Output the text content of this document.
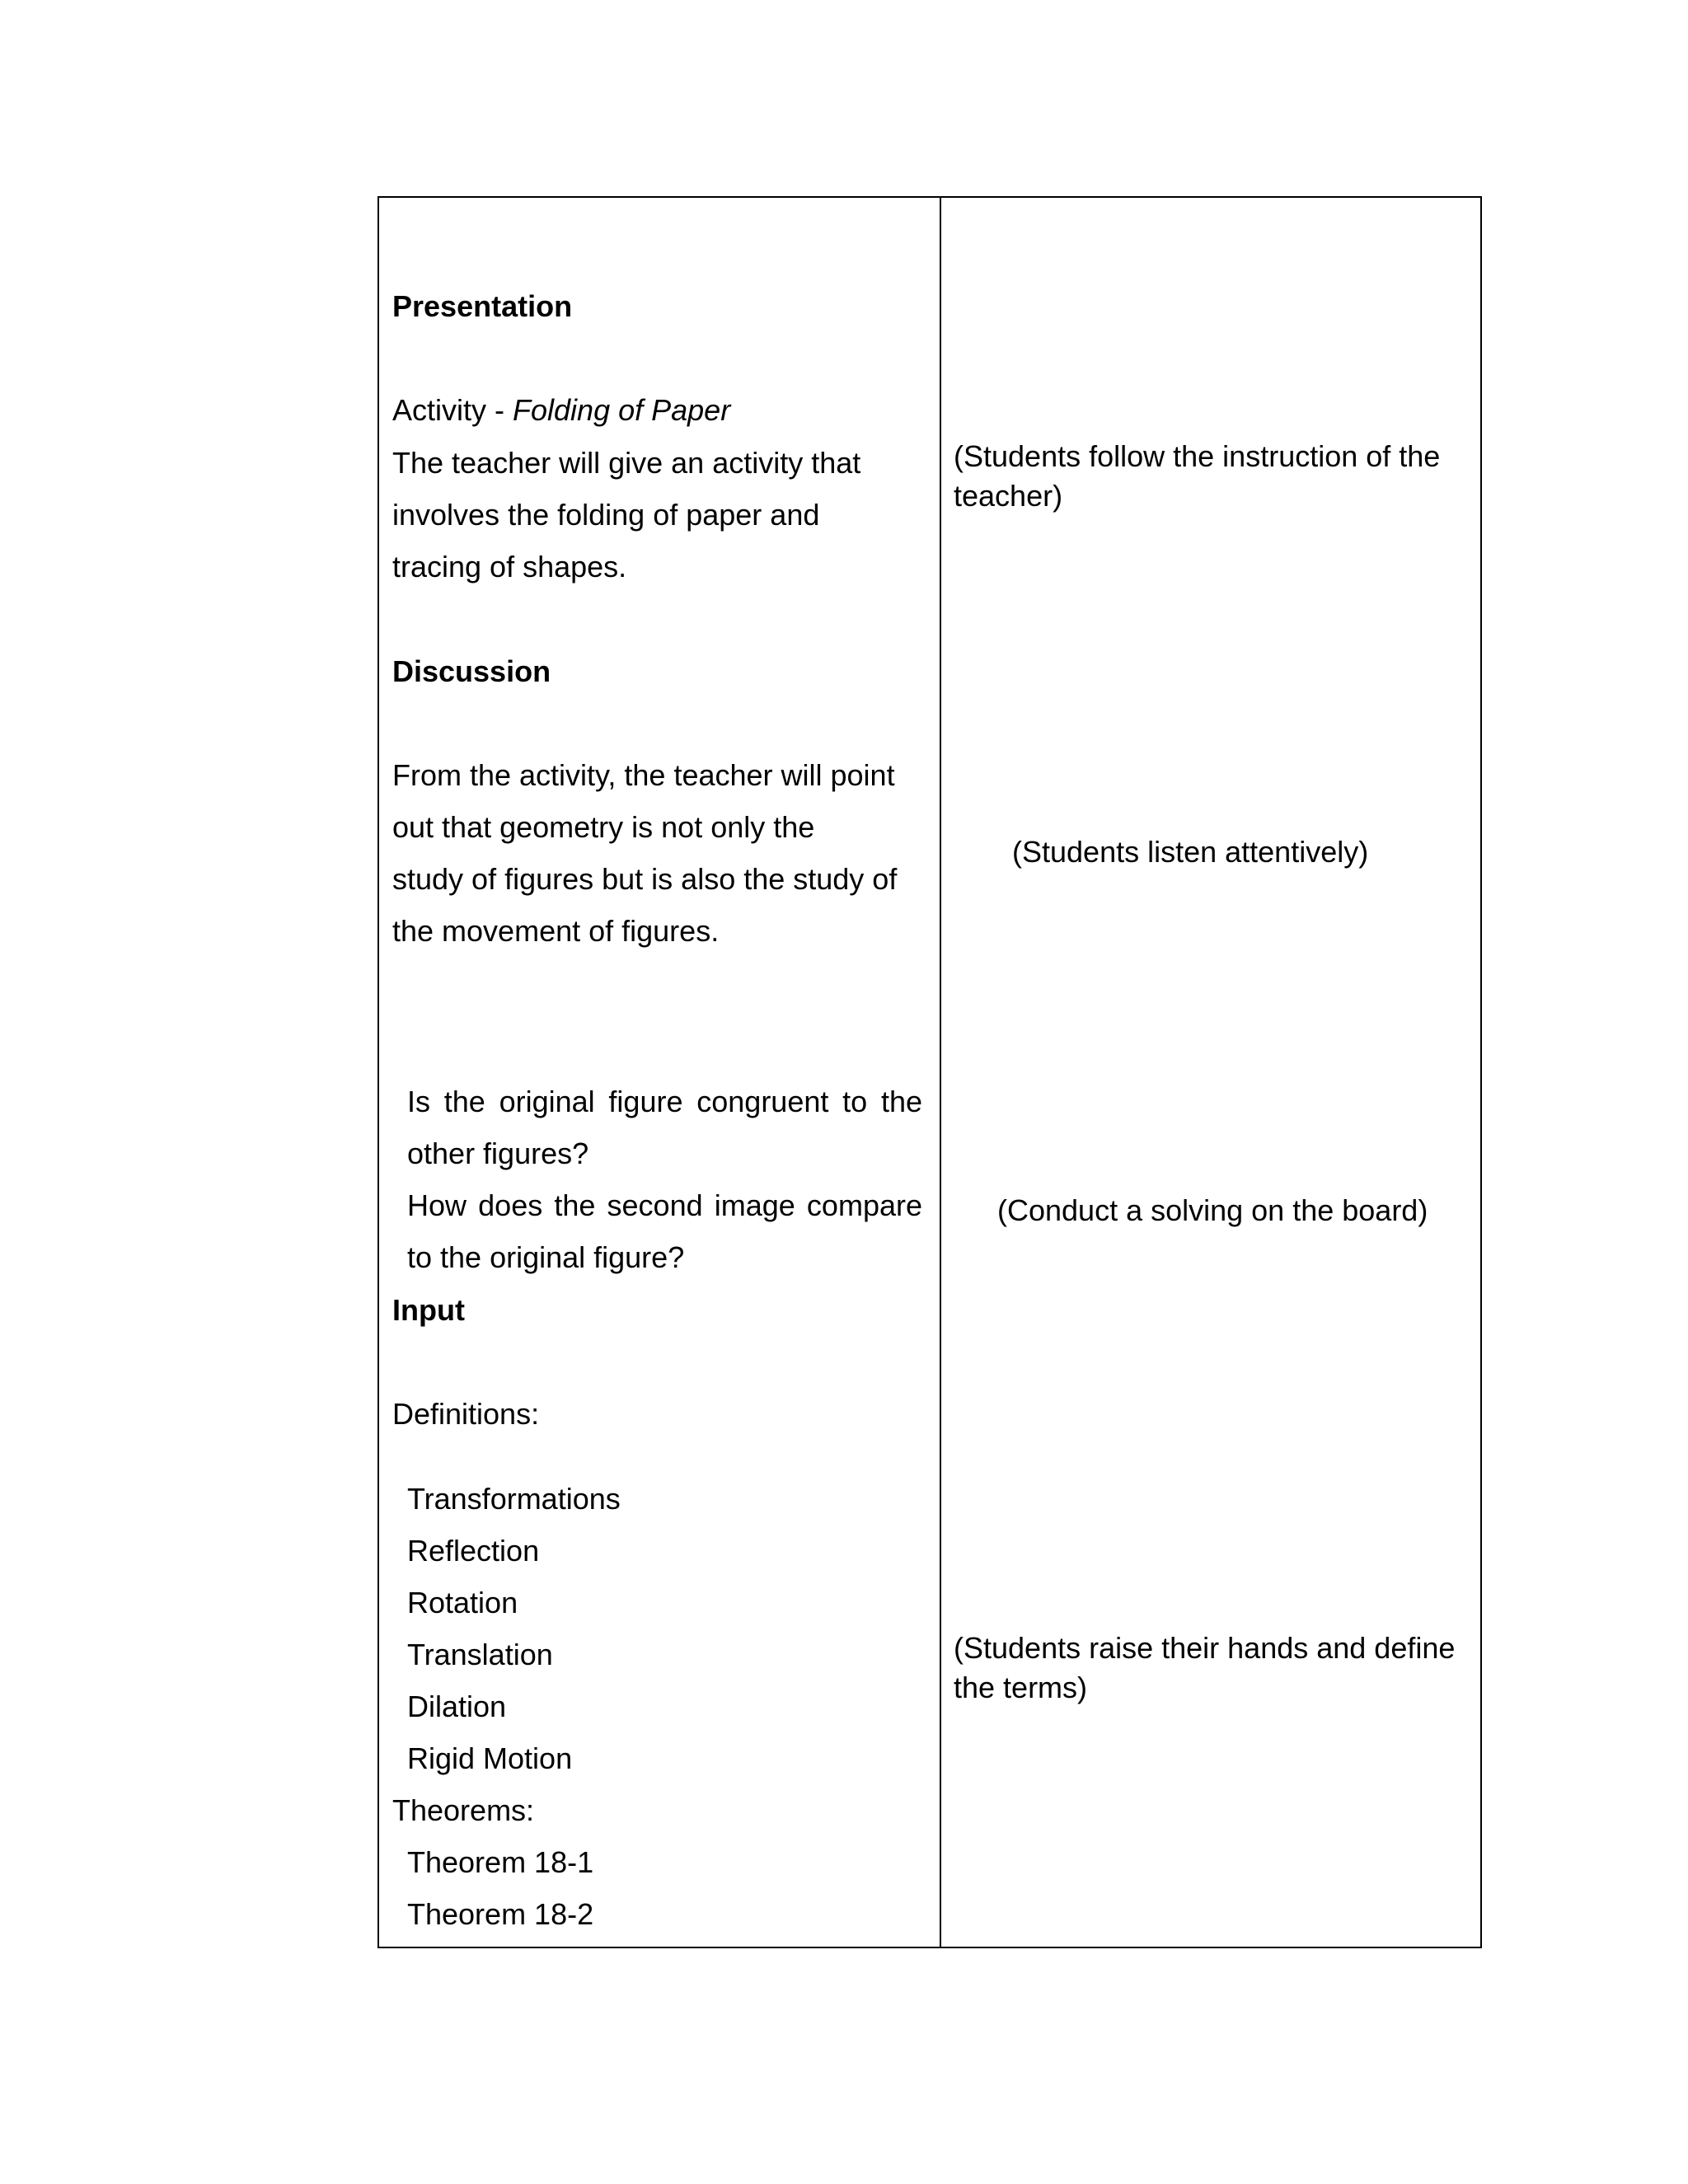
Presentation
Activity - Folding of Paper
The teacher will give an activity that
involves the folding of paper and
tracing of shapes.
Discussion
From the activity, the teacher will point
out that geometry is not only the
study of figures but is also the study of
the movement of figures.
Is the original figure congruent to the
other figures?
How does the second image compare
to the original figure?
Input
Definitions:
Transformations
Reflection
Rotation
Translation
Dilation
Rigid Motion
Theorems:
Theorem 18-1
Theorem 18-2
(Students follow the instruction of the
teacher)
(Students listen attentively)
(Conduct a solving on the board)
(Students raise their hands and define
the terms)
